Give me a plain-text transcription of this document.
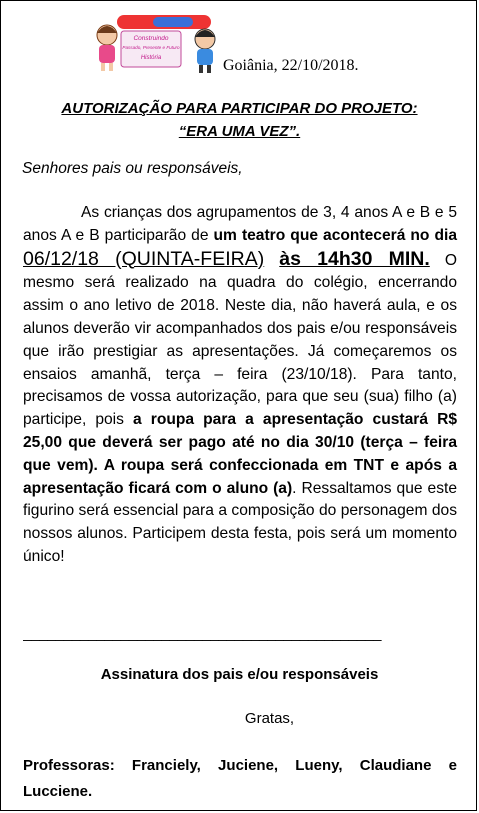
Construindo
Passado, Presente e Futuro
História	Goiânia, 22/10/2018.
AUTORIZAÇÃO PARA PARTICIPAR DO PROJETO:
“ERA UMA VEZ”.
Senhores pais ou responsáveis,

As crianças dos agrupamentos de 3, 4 anos A e B e 5 anos A e B participarão de um teatro que acontecerá no dia 06/12/18 (QUINTA-FEIRA) às 14h30 MIN. O mesmo será realizado na quadra do colégio, encerrando assim o ano letivo de 2018. Neste dia, não haverá aula, e os alunos deverão vir acompanhados dos pais e/ou responsáveis que irão prestigiar as apresentações. Já começaremos os ensaios amanhã, terça – feira (23/10/18). Para tanto, precisamos de vossa autorização, para que seu (sua) filho (a) participe, pois a roupa para a apresentação custará R$ 25,00 que deverá ser pago até no dia 30/10 (terça – feira que vem). A roupa será confeccionada em TNT e após a apresentação ficará com o aluno (a). Ressaltamos que este figurino será essencial para a composição do personagem dos nossos alunos. Participem desta festa, pois será um momento único!

____________________________________________
Assinatura dos pais e/ou responsáveis
Gratas,
Professoras: Franciely, Juciene, Lueny, Claudiane e Lucciene.
